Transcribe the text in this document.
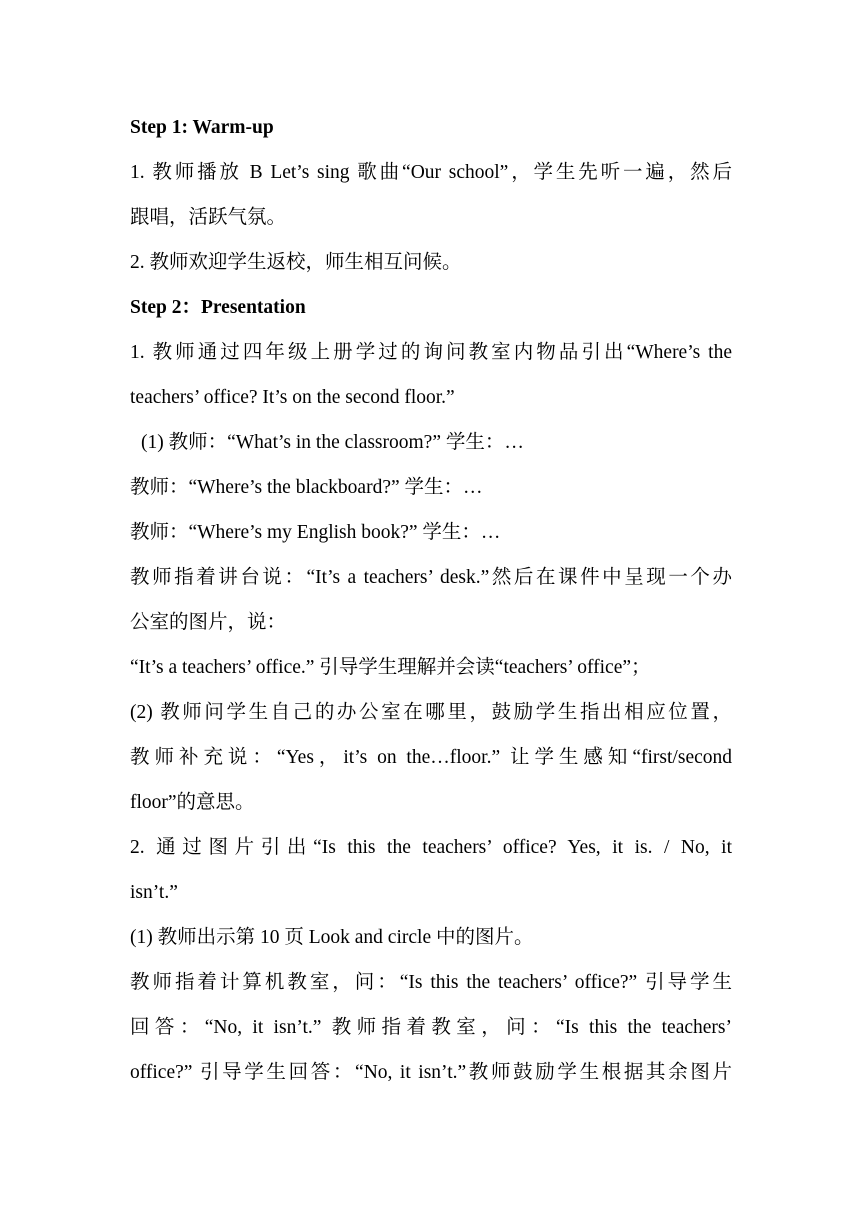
Step 1: Warm-up
1. 教师播放 B Let’s sing 歌曲“Our school”，学生先听一遍，然后
跟唱，活跃气氛。
2. 教师欢迎学生返校，师生相互问候。
Step 2：Presentation
1. 教师通过四年级上册学过的询问教室内物品引出“Where’s the
teachers’ office? It’s on the second floor.”
(1) 教师：“What’s in the classroom?” 学生：…
教师：“Where’s the blackboard?” 学生：…
教师：“Where’s my English book?” 学生：…
教师指着讲台说：“It’s a teachers’ desk.”然后在课件中呈现一个办
公室的图片，说：
“It’s a teachers’ office.” 引导学生理解并会读“teachers’ office”；
(2) 教师问学生自己的办公室在哪里，鼓励学生指出相应位置，
教师补充说：“Yes，it’s on the…floor.” 让学生感知“first/second
floor”的意思。
2. 通过图片引出“Is this the teachers’ office? Yes, it is. / No, it
isn’t.”
(1) 教师出示第 10 页 Look and circle 中的图片。
教师指着计算机教室，问：“Is this the teachers’ office?” 引导学生
回答：“No, it isn’t.” 教师指着教室，问：“Is this the teachers’
office?” 引导学生回答：“No, it isn’t.”教师鼓励学生根据其余图片
